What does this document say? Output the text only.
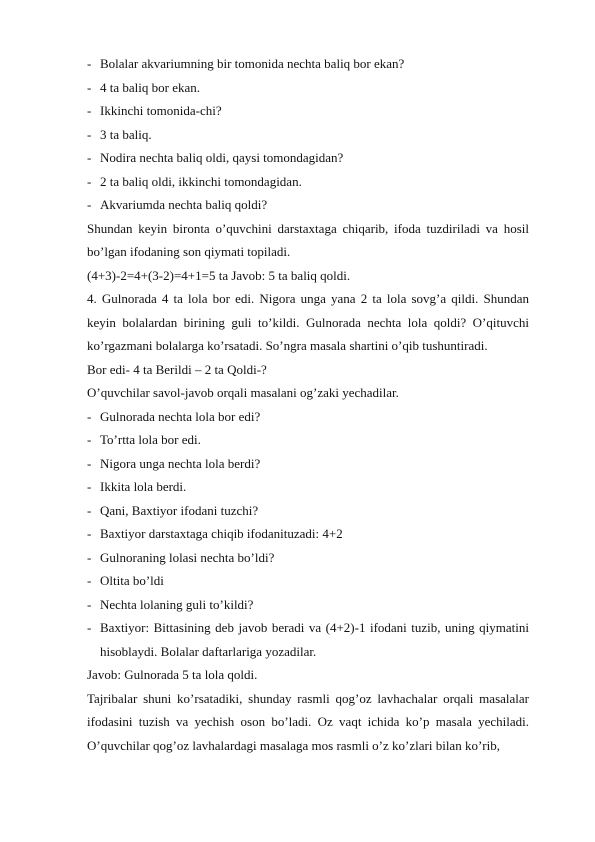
- Bolalar akvariumning bir tomonida nechta baliq bor ekan?
- 4 ta baliq bor ekan.
- Ikkinchi tomonida-chi?
- 3 ta baliq.
- Nodira nechta baliq oldi, qaysi tomondagidan?
- 2 ta baliq oldi, ikkinchi tomondagidan.
- Akvariumda nechta baliq qoldi?

Shundan keyin bironta o’quvchini darstaxtaga chiqarib, ifoda tuzdiriladi va hosil bo’lgan ifodaning son qiymati topiladi.

(4+3)-2=4+(3-2)=4+1=5 ta Javob: 5 ta baliq qoldi.

4. Gulnorada 4 ta lola bor edi. Nigora unga yana 2 ta lola sovg’a qildi. Shundan keyin bolalardan birining guli to’kildi. Gulnorada nechta lola qoldi? O’qituvchi ko’rgazmani bolalarga ko’rsatadi. So’ngra masala shartini o’qib tushuntiradi.

Bor edi- 4 ta Berildi – 2 ta Qoldi-?
O’quvchilar savol-javob orqali masalani og’zaki yechadilar.
- Gulnorada nechta lola bor edi?
- To’rtta lola bor edi.
- Nigora unga nechta lola berdi?
- Ikkita lola berdi.
- Qani, Baxtiyor ifodani tuzchi?
- Baxtiyor darstaxtaga chiqib ifodanituzadi: 4+2
- Gulnoraning lolasi nechta bo’ldi?
- Oltita bo’ldi
- Nechta lolaning guli to’kildi?
- Baxtiyor: Bittasining deb javob beradi va (4+2)-1 ifodani tuzib, uning qiymatini hisoblaydi. Bolalar daftarlariga yozadilar.
Javob: Gulnorada 5 ta lola qoldi.

Tajribalar shuni ko’rsatadiki, shunday rasmli qog’oz lavhachalar orqali masalalar ifodasini tuzish va yechish oson bo’ladi. Oz vaqt ichida ko’p masala yechiladi. O’quvchilar qog’oz lavhalardagi masalaga mos rasmli o’z ko’zlari bilan ko’rib,
